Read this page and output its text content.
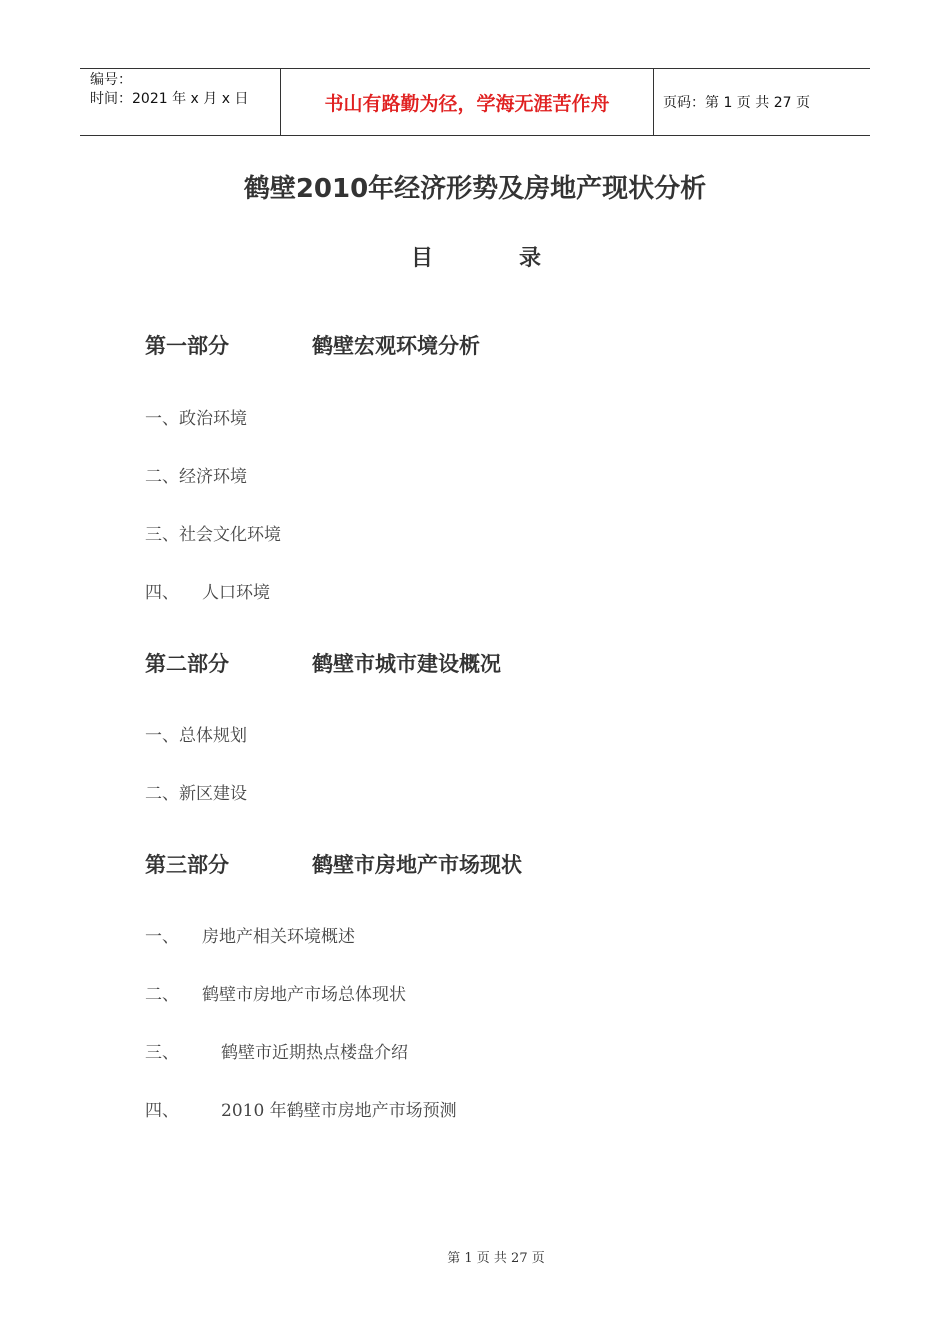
编号：
时间：2021 年 x 月 x 日	书山有路勤为径，学海无涯苦作舟	页码：第 1 页 共 27 页
鹤壁2010年经济形势及房地产现状分析
目	录
第一部分	鹤壁宏观环境分析
一、政治环境
二、经济环境
三、社会文化环境
四、 人口环境
第二部分	鹤壁市城市建设概况
一、总体规划
二、新区建设
第三部分	鹤壁市房地产市场现状
一、 房地产相关环境概述
二、 鹤壁市房地产市场总体现状
三、 鹤壁市近期热点楼盘介绍
四、 2010 年鹤壁市房地产市场预测
第 1 页 共 27 页
